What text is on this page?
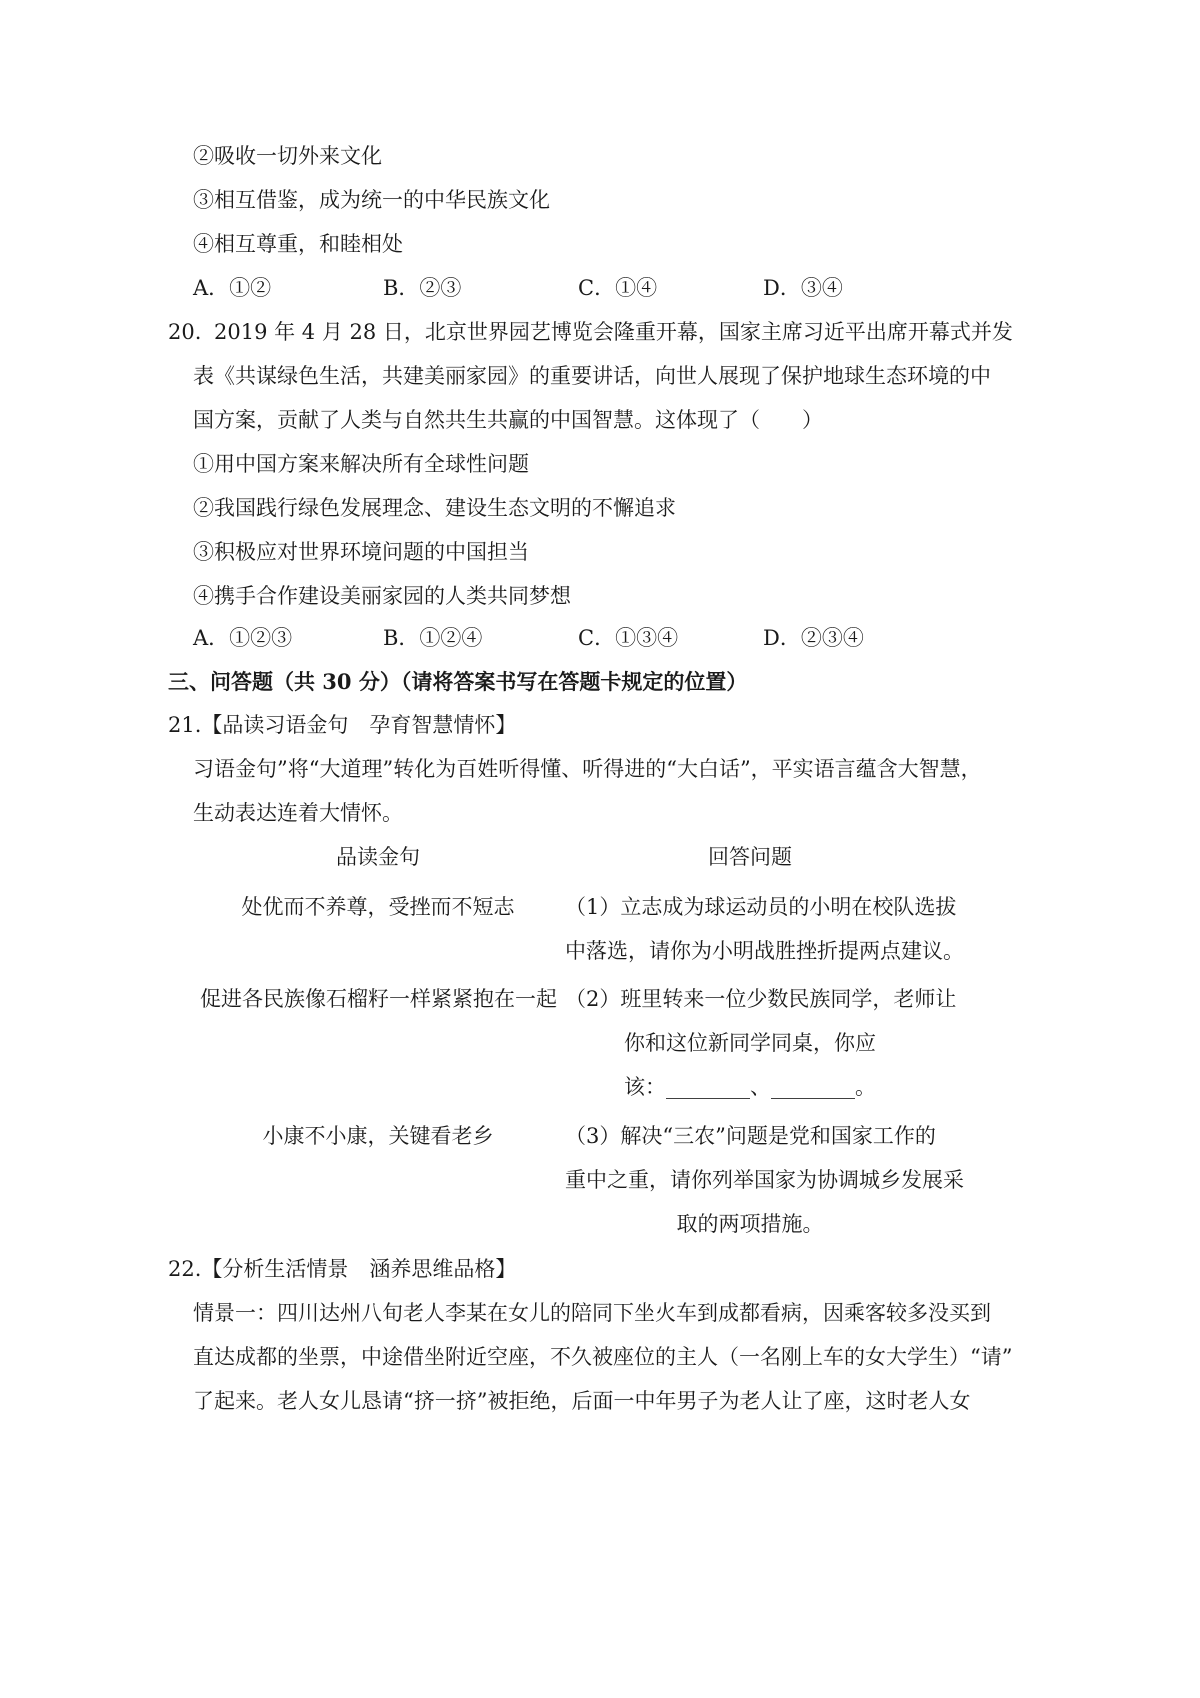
②吸收一切外来文化
③相互借鉴，成为统一的中华民族文化
④相互尊重，和睦相处
A．①②	B．②③	C．①④	D．③④
20. 2019 年 4 月 28 日，北京世界园艺博览会隆重开幕，国家主席习近平出席开幕式并发
表《共谋绿色生活，共建美丽家园》的重要讲话，向世人展现了保护地球生态环境的中
国方案，贡献了人类与自然共生共赢的中国智慧。这体现了（　　）
①用中国方案来解决所有全球性问题
②我国践行绿色发展理念、建设生态文明的不懈追求
③积极应对世界环境问题的中国担当
④携手合作建设美丽家园的人类共同梦想
A．①②③	B．①②④	C．①③④	D．②③④
三、问答题（共 30 分）（请将答案书写在答题卡规定的位置）
21.【品读习语金句　孕育智慧情怀】
习语金句”将“大道理”转化为百姓听得懂、听得进的“大白话”，平实语言蕴含大智慧，
生动表达连着大情怀。
品读金句	回答问题
处优而不养尊，受挫而不短志	（1）立志成为球运动员的小明在校队选拔
中落选，请你为小明战胜挫折提两点建议。
促进各民族像石榴籽一样紧紧抱在一起 （2）班里转来一位少数民族同学，老师让
你和这位新同学同桌，你应
该：________、________。
小康不小康，关键看老乡	（3）解决“三农”问题是党和国家工作的
重中之重，请你列举国家为协调城乡发展采
取的两项措施。
22.【分析生活情景　涵养思维品格】
情景一：四川达州八旬老人李某在女儿的陪同下坐火车到成都看病，因乘客较多没买到
直达成都的坐票，中途借坐附近空座，不久被座位的主人（一名刚上车的女大学生）“请”
了起来。老人女儿恳请“挤一挤”被拒绝，后面一中年男子为老人让了座，这时老人女
